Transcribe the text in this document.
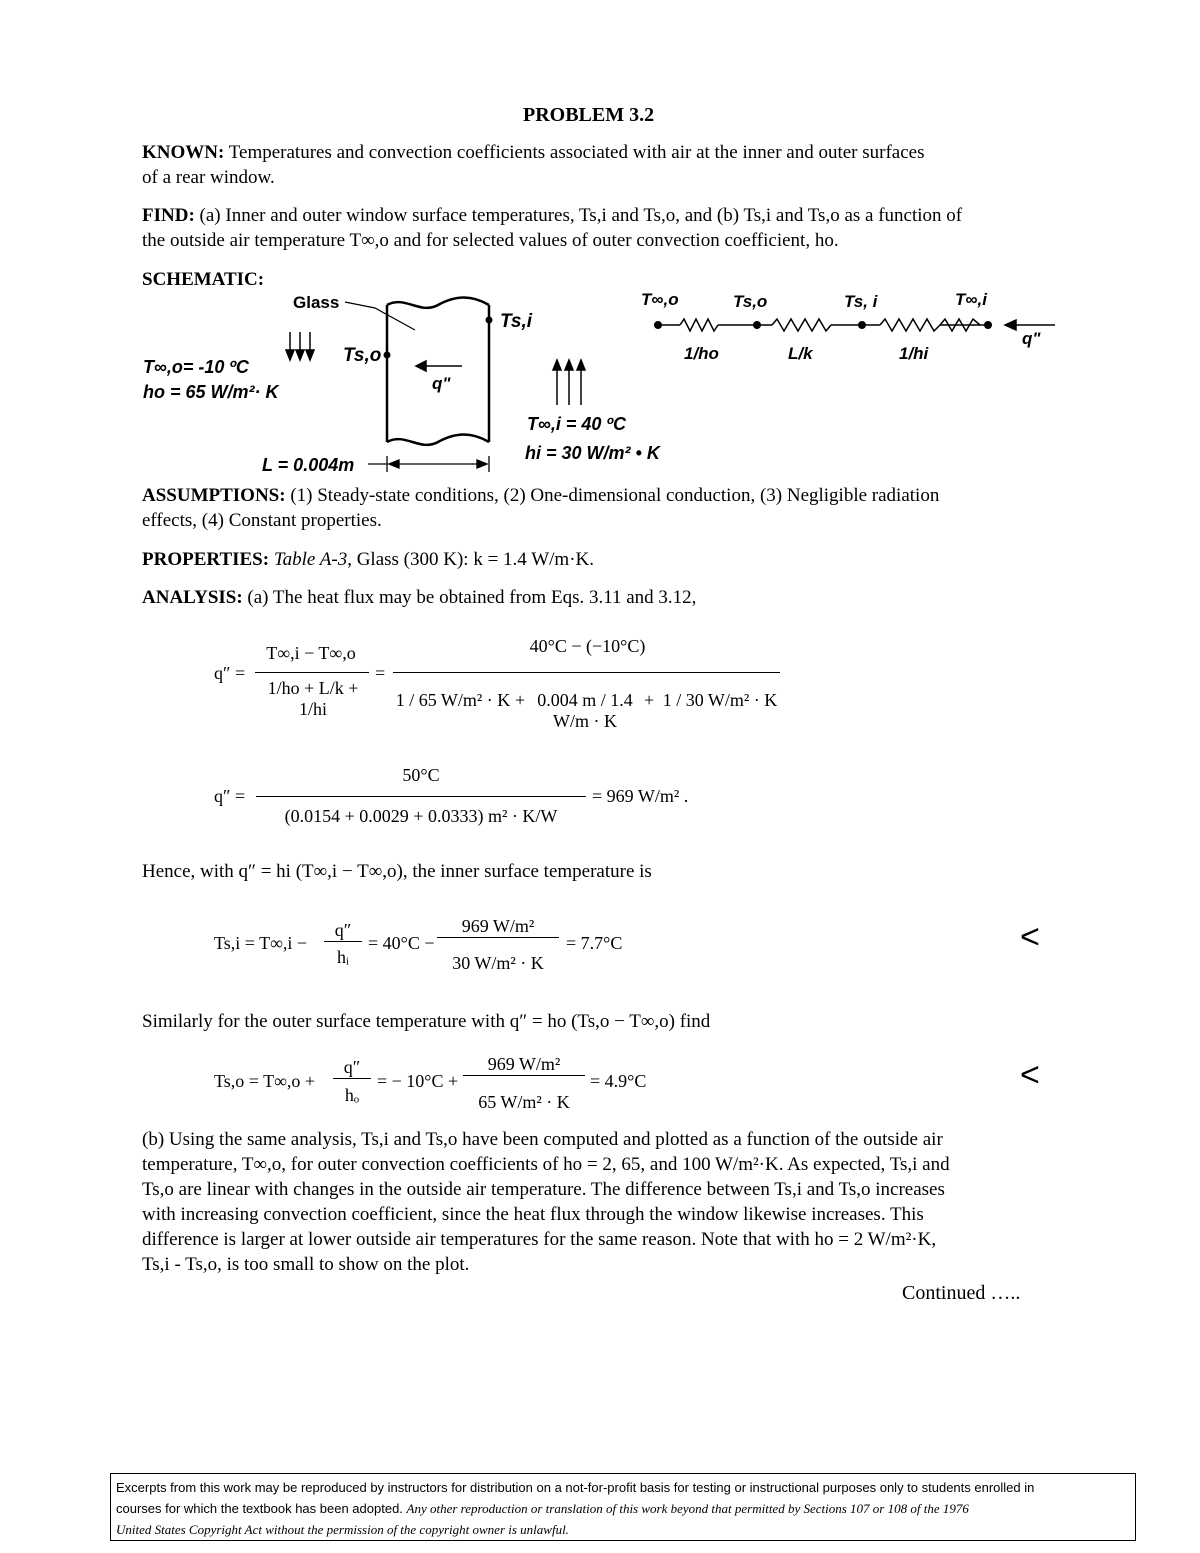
PROBLEM 3.2
KNOWN: Temperatures and convection coefficients associated with air at the inner and outer surfaces
of a rear window.
FIND: (a) Inner and outer window surface temperatures, Ts,i and Ts,o, and (b) Ts,i and Ts,o as a function of
the outside air temperature T∞,o and for selected values of outer convection coefficient, ho.
SCHEMATIC:
Glass
Ts,i
Ts,o
q"
T∞,o= -10 ºC
ho = 65 W/m²· K
T∞,i = 40 ºC
hi = 30 W/m² • K
L = 0.004m
T∞,o	Ts,o	Ts, i	T∞,i
1/ho	L/k	1/hi
q"
ASSUMPTIONS: (1) Steady-state conditions, (2) One-dimensional conduction, (3) Negligible radiation
effects, (4) Constant properties.
PROPERTIES: Table A-3, Glass (300 K): k = 1.4 W/m·K.
ANALYSIS: (a) The heat flux may be obtained from Eqs. 3.11 and 3.12,
q″ =
T∞,i − T∞,o
1/ho + L/k + 1/hi
=
40°C − (−10°C)
1 / 65 W/m² · K + 0.004 m / 1.4 W/m · K
+ 1 / 30 W/m² · K
q″ =
50°C
(0.0154 + 0.0029 + 0.0333) m² · K/W
= 969 W/m² .
Hence, with q″ = hi (T∞,i − T∞,o), the inner surface temperature is
Ts,i = T∞,i −
q″
hᵢ
= 40°C −
969 W/m²
30 W/m² · K
= 7.7°C	<
Similarly for the outer surface temperature with q″ = ho (Ts,o − T∞,o) find
Ts,o = T∞,o +
q″
hₒ
= − 10°C +
969 W/m²
65 W/m² · K
= 4.9°C	<
(b) Using the same analysis, Ts,i and Ts,o have been computed and plotted as a function of the outside air
temperature, T∞,o, for outer convection coefficients of ho = 2, 65, and 100 W/m²·K. As expected, Ts,i and
Ts,o are linear with changes in the outside air temperature. The difference between Ts,i and Ts,o increases
with increasing convection coefficient, since the heat flux through the window likewise increases. This
difference is larger at lower outside air temperatures for the same reason. Note that with ho = 2 W/m²·K,
Ts,i - Ts,o, is too small to show on the plot.
Continued …..
Excerpts from this work may be reproduced by instructors for distribution on a not-for-profit basis for testing or instructional purposes only to students enrolled in
courses for which the textbook has been adopted. Any other reproduction or translation of this work beyond that permitted by Sections 107 or 108 of the 1976
United States Copyright Act without the permission of the copyright owner is unlawful.
